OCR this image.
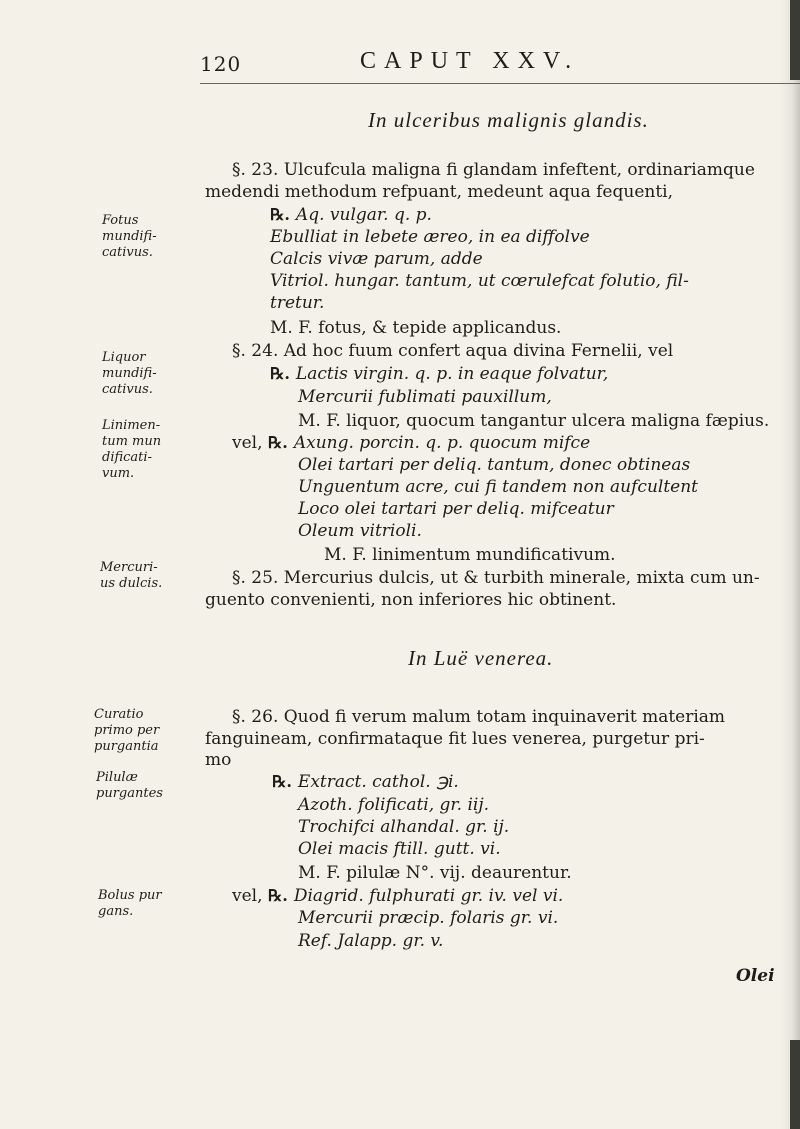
120	CAPUT XXV.
In ulceribus malignis glandis.
§. 23. Ulcufcula maligna fi glandam infeftent, ordinariamque
medendi methodum refpuant, medeunt aqua fequenti,
℞. Aq. vulgar. q. p.
Ebulliat in lebete æreo, in ea diffolve
Calcis vivæ parum, adde
Vitriol. hungar. tantum, ut cœrulefcat folutio, fil-
tretur.
M. F. fotus, & tepide applicandus.
§. 24. Ad hoc fuum confert aqua divina Fernelii, vel
℞. Lactis virgin. q. p. in eaque folvatur,
Mercurii fublimati pauxillum,
M. F. liquor, quocum tangantur ulcera maligna fæpius.
vel, ℞. Axung. porcin. q. p. quocum mifce
Olei tartari per deliq. tantum, donec obtineas
Unguentum acre, cui fi tandem non aufcultent
Loco olei tartari per deliq. mifceatur
Oleum vitrioli.
M. F. linimentum mundificativum.
§. 25. Mercurius dulcis, ut & turbith minerale, mixta cum un-
guento convenienti, non inferiores hic obtinent.
In Luë venerea.
§. 26. Quod fi verum malum totam inquinaverit materiam
fanguineam, confirmataque fit lues venerea, purgetur pri-
mo
℞. Extract. cathol. ℈i.
Azoth. folificati, gr. iij.
Trochifci alhandal. gr. ij.
Olei macis ftill. gutt. vi.
M. F. pilulæ N°. vij. deaurentur.
vel, ℞. Diagrid. fulphurati gr. iv. vel vi.
Mercurii præcip. folaris gr. vi.
Ref. Jalapp. gr. v.
Olei
Fotus
mundifi-
cativus.
Liquor
mundifi-
cativus.
Linimen-
tum mun
dificati-
vum.
Mercuri-
us dulcis.
Curatio
primo per
purgantia
Pilulæ
purgantes
Bolus pur
gans.
